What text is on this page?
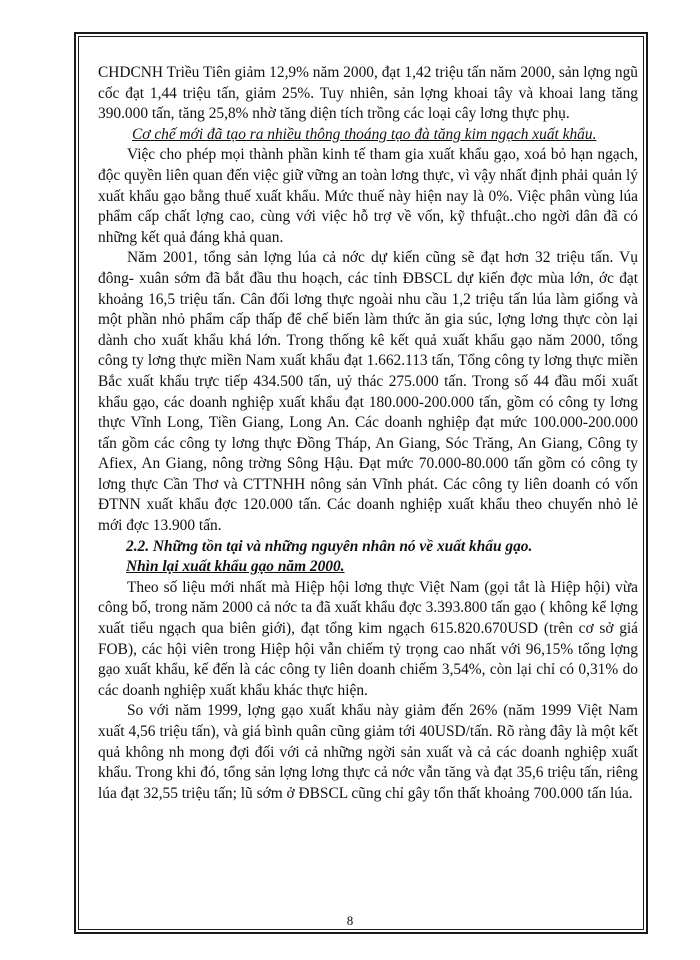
CHDCNH Triều Tiên giảm 12,9% năm 2000, đạt 1,42 triệu tấn năm 2000, sản lợng ngũ cốc đạt 1,44 triệu tấn, giảm 25%. Tuy nhiên, sản lợng khoai tây và khoai lang tăng 390.000 tấn, tăng 25,8% nhờ tăng diện tích trồng các loại cây lơng thực phụ.

Cơ chế mới đã tạo ra nhiều thông thoáng tạo đà tăng kim ngạch xuất khẩu.

Việc cho phép mọi thành phần kinh tế tham gia xuất khẩu gạo, xoá bỏ hạn ngạch, độc quyền liên quan đến việc giữ vững an toàn lơng thực, vì vậy nhất định phải quản lý xuất khẩu gạo bằng thuế xuất khẩu. Mức thuế này hiện nay là 0%. Việc phân vùng lúa phẩm cấp chất lợng cao, cùng với việc hỗ trợ về vốn, kỹ thfuật..cho ngời dân đã có những kết quả đáng khả quan.

Năm 2001, tổng sản lợng lúa cả nớc dự kiến cũng sẽ đạt hơn 32 triệu tấn. Vụ đông- xuân sớm đã bắt đầu thu hoạch, các tỉnh ĐBSCL dự kiến đợc mùa lớn, ớc đạt khoảng 16,5 triệu tấn. Cân đối lơng thực ngoài nhu cầu 1,2 triệu tấn lúa làm giống và một phần nhỏ phẩm cấp thấp để chế biến làm thức ăn gia súc, lợng lơng thực còn lại dành cho xuất khẩu khá lớn. Trong thống kê kết quả xuất khẩu gạo năm 2000, tổng công ty lơng thực miền Nam xuất khẩu đạt 1.662.113 tấn, Tổng công ty lơng thực miền Bắc xuất khẩu trực tiếp 434.500 tấn, uỷ thác 275.000 tấn. Trong số 44 đầu mối xuất khẩu gạo, các doanh nghiệp xuất khẩu đạt 180.000-200.000 tấn, gồm có công ty lơng thực Vĩnh Long, Tiền Giang, Long An. Các doanh nghiệp đạt mức 100.000-200.000 tấn gồm các công ty lơng thực Đồng Tháp, An Giang, Sóc Trăng, An Giang, Công ty Afiex, An Giang, nông trờng Sông Hậu. Đạt mức 70.000-80.000 tấn gồm có công ty lơng thực Cần Thơ và CTTNHH nông sản Vĩnh phát. Các công ty liên doanh có vốn ĐTNN xuất khẩu đợc 120.000 tấn. Các doanh nghiệp xuất khẩu theo chuyến nhỏ lẻ mới đợc 13.900 tấn.

2.2. Những tồn tại và những nguyên nhân nó về xuất khẩu gạo.

Nhìn lại xuất khẩu gạo năm 2000.

Theo số liệu mới nhất mà Hiệp hội lơng thực Việt Nam (gọi tắt là Hiệp hội) vừa công bố, trong năm 2000 cả nớc ta đã xuất khẩu đợc 3.393.800 tấn gạo ( không kể lợng xuất tiểu ngạch qua biên giới), đạt tổng kim ngạch 615.820.670USD (trên cơ sở giá FOB), các hội viên trong Hiệp hội vẫn chiếm tỷ trọng cao nhất với 96,15% tổng lợng gạo xuất khẩu, kế đến là các công ty liên doanh chiếm 3,54%, còn lại chỉ có 0,31% do các doanh nghiệp xuất khẩu khác thực hiện.

So với năm 1999, lợng gạo xuất khẩu này giảm đến 26% (năm 1999 Việt Nam xuất 4,56 triệu tấn), và giá bình quân cũng giảm tới 40USD/tấn. Rõ ràng đây là một kết quả không nh mong đợi đối với cả những ngời sản xuất và cả các doanh nghiệp xuất khẩu. Trong khi đó, tổng sản lợng lơng thực cả nớc vẫn tăng và đạt 35,6 triệu tấn, riêng lúa đạt 32,55 triệu tấn; lũ sớm ở ĐBSCL cũng chỉ gây tổn thất khoảng 700.000 tấn lúa.

8
